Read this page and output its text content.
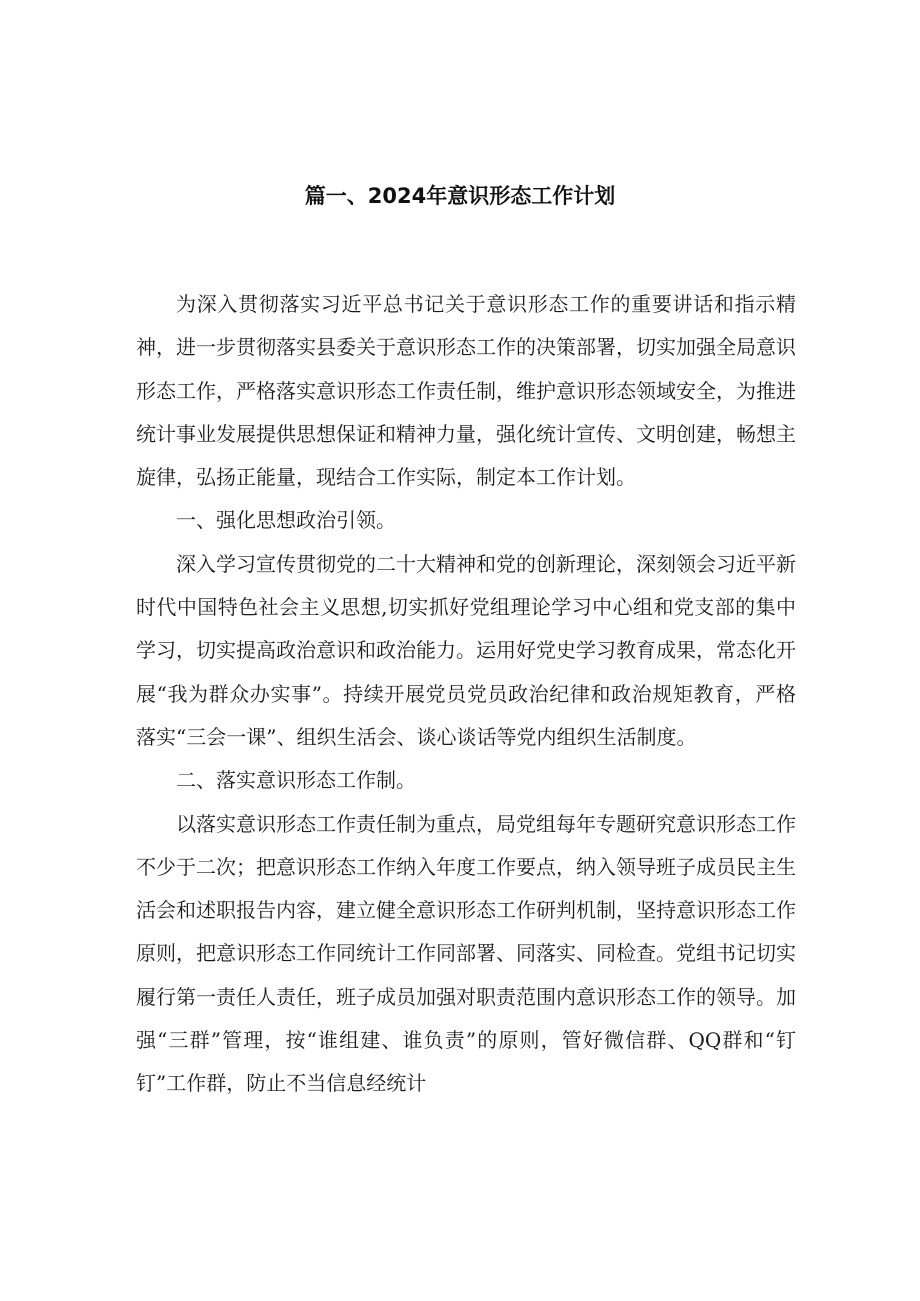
篇一、2024年意识形态工作计划

为深入贯彻落实习近平总书记关于意识形态工作的重要讲话和指示精神，进一步贯彻落实县委关于意识形态工作的决策部署，切实加强全局意识形态工作，严格落实意识形态工作责任制，维护意识形态领域安全，为推进统计事业发展提供思想保证和精神力量，强化统计宣传、文明创建，畅想主旋律，弘扬正能量，现结合工作实际，制定本工作计划。

一、强化思想政治引领。

深入学习宣传贯彻党的二十大精神和党的创新理论，深刻领会习近平新时代中国特色社会主义思想,切实抓好党组理论学习中心组和党支部的集中学习，切实提高政治意识和政治能力。运用好党史学习教育成果，常态化开展“我为群众办实事”。持续开展党员党员政治纪律和政治规矩教育，严格落实“三会一课”、组织生活会、谈心谈话等党内组织生活制度。

二、落实意识形态工作制。

以落实意识形态工作责任制为重点，局党组每年专题研究意识形态工作不少于二次；把意识形态工作纳入年度工作要点，纳入领导班子成员民主生活会和述职报告内容，建立健全意识形态工作研判机制，坚持意识形态工作原则，把意识形态工作同统计工作同部署、同落实、同检查。党组书记切实履行第一责任人责任，班子成员加强对职责范围内意识形态工作的领导。加强“三群”管理，按“谁组建、谁负责”的原则，管好微信群、QQ群和“钉钉”工作群，防止不当信息经统计
